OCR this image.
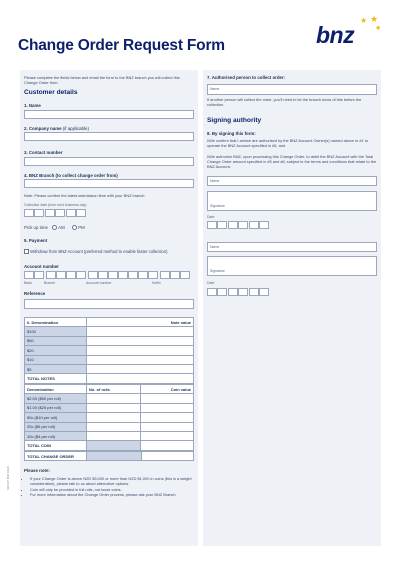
Change Order Request Form	bnz
★ ★
★
Please complete the fields below and email the form to the BNZ branch you will collect this Change Order from.
Customer details
1. Name
2. Company name (if applicable)
3. Contact number
4. BNZ Branch (to collect change order from)
Note: Please confirm the latest submission time with your BNZ branch.
Collection date (from next business day)
Pick up time AM	PM
5. Payment
Withdraw from BNZ Account (preferred method to enable faster collection)
Account number
Bank	Branch	Account number	Suffix
Reference
6. Denomination	Note value
$100	
$50	
$20	
$10	
$5	
TOTAL NOTES	
Denomination	No. of rolls	Coin value
$2.00 ($50 per roll)		
$1.00 ($25 per roll)		
50c ($10 per roll)		
20c ($5 per roll)		
10c ($4 per roll)		
TOTAL COIN		
TOTAL CHANGE ORDER		
Please note:
• If your Change Order is above NZD $5,000 or more than NZD $1,000 in coins (this is a weight consideration), please talk to us about alternative options.
• Coin will only be provided in full rolls, not loose coins.
• For more information about the Change Order process, please ask your BNZ Branch.
SA0127 BNZ 04/21
7. Authorised person to collect order:
Name
If another person will collect the order, you'll need to let the branch know of this before the collection.
Signing authority
8. By signing this form:
I/We confirm that I am/we are authorised by the BNZ Account Owner(s) named above in #1 to operate the BNZ Account specified in #5, and
I/We authorise BNZ, upon processing this Change Order, to debit the BNZ Account with the Total Change Order amount specified in #5 and #6, subject to the terms and conditions that relate to the BNZ Account.
Name
Signature
Date
Name
Signature
Date
